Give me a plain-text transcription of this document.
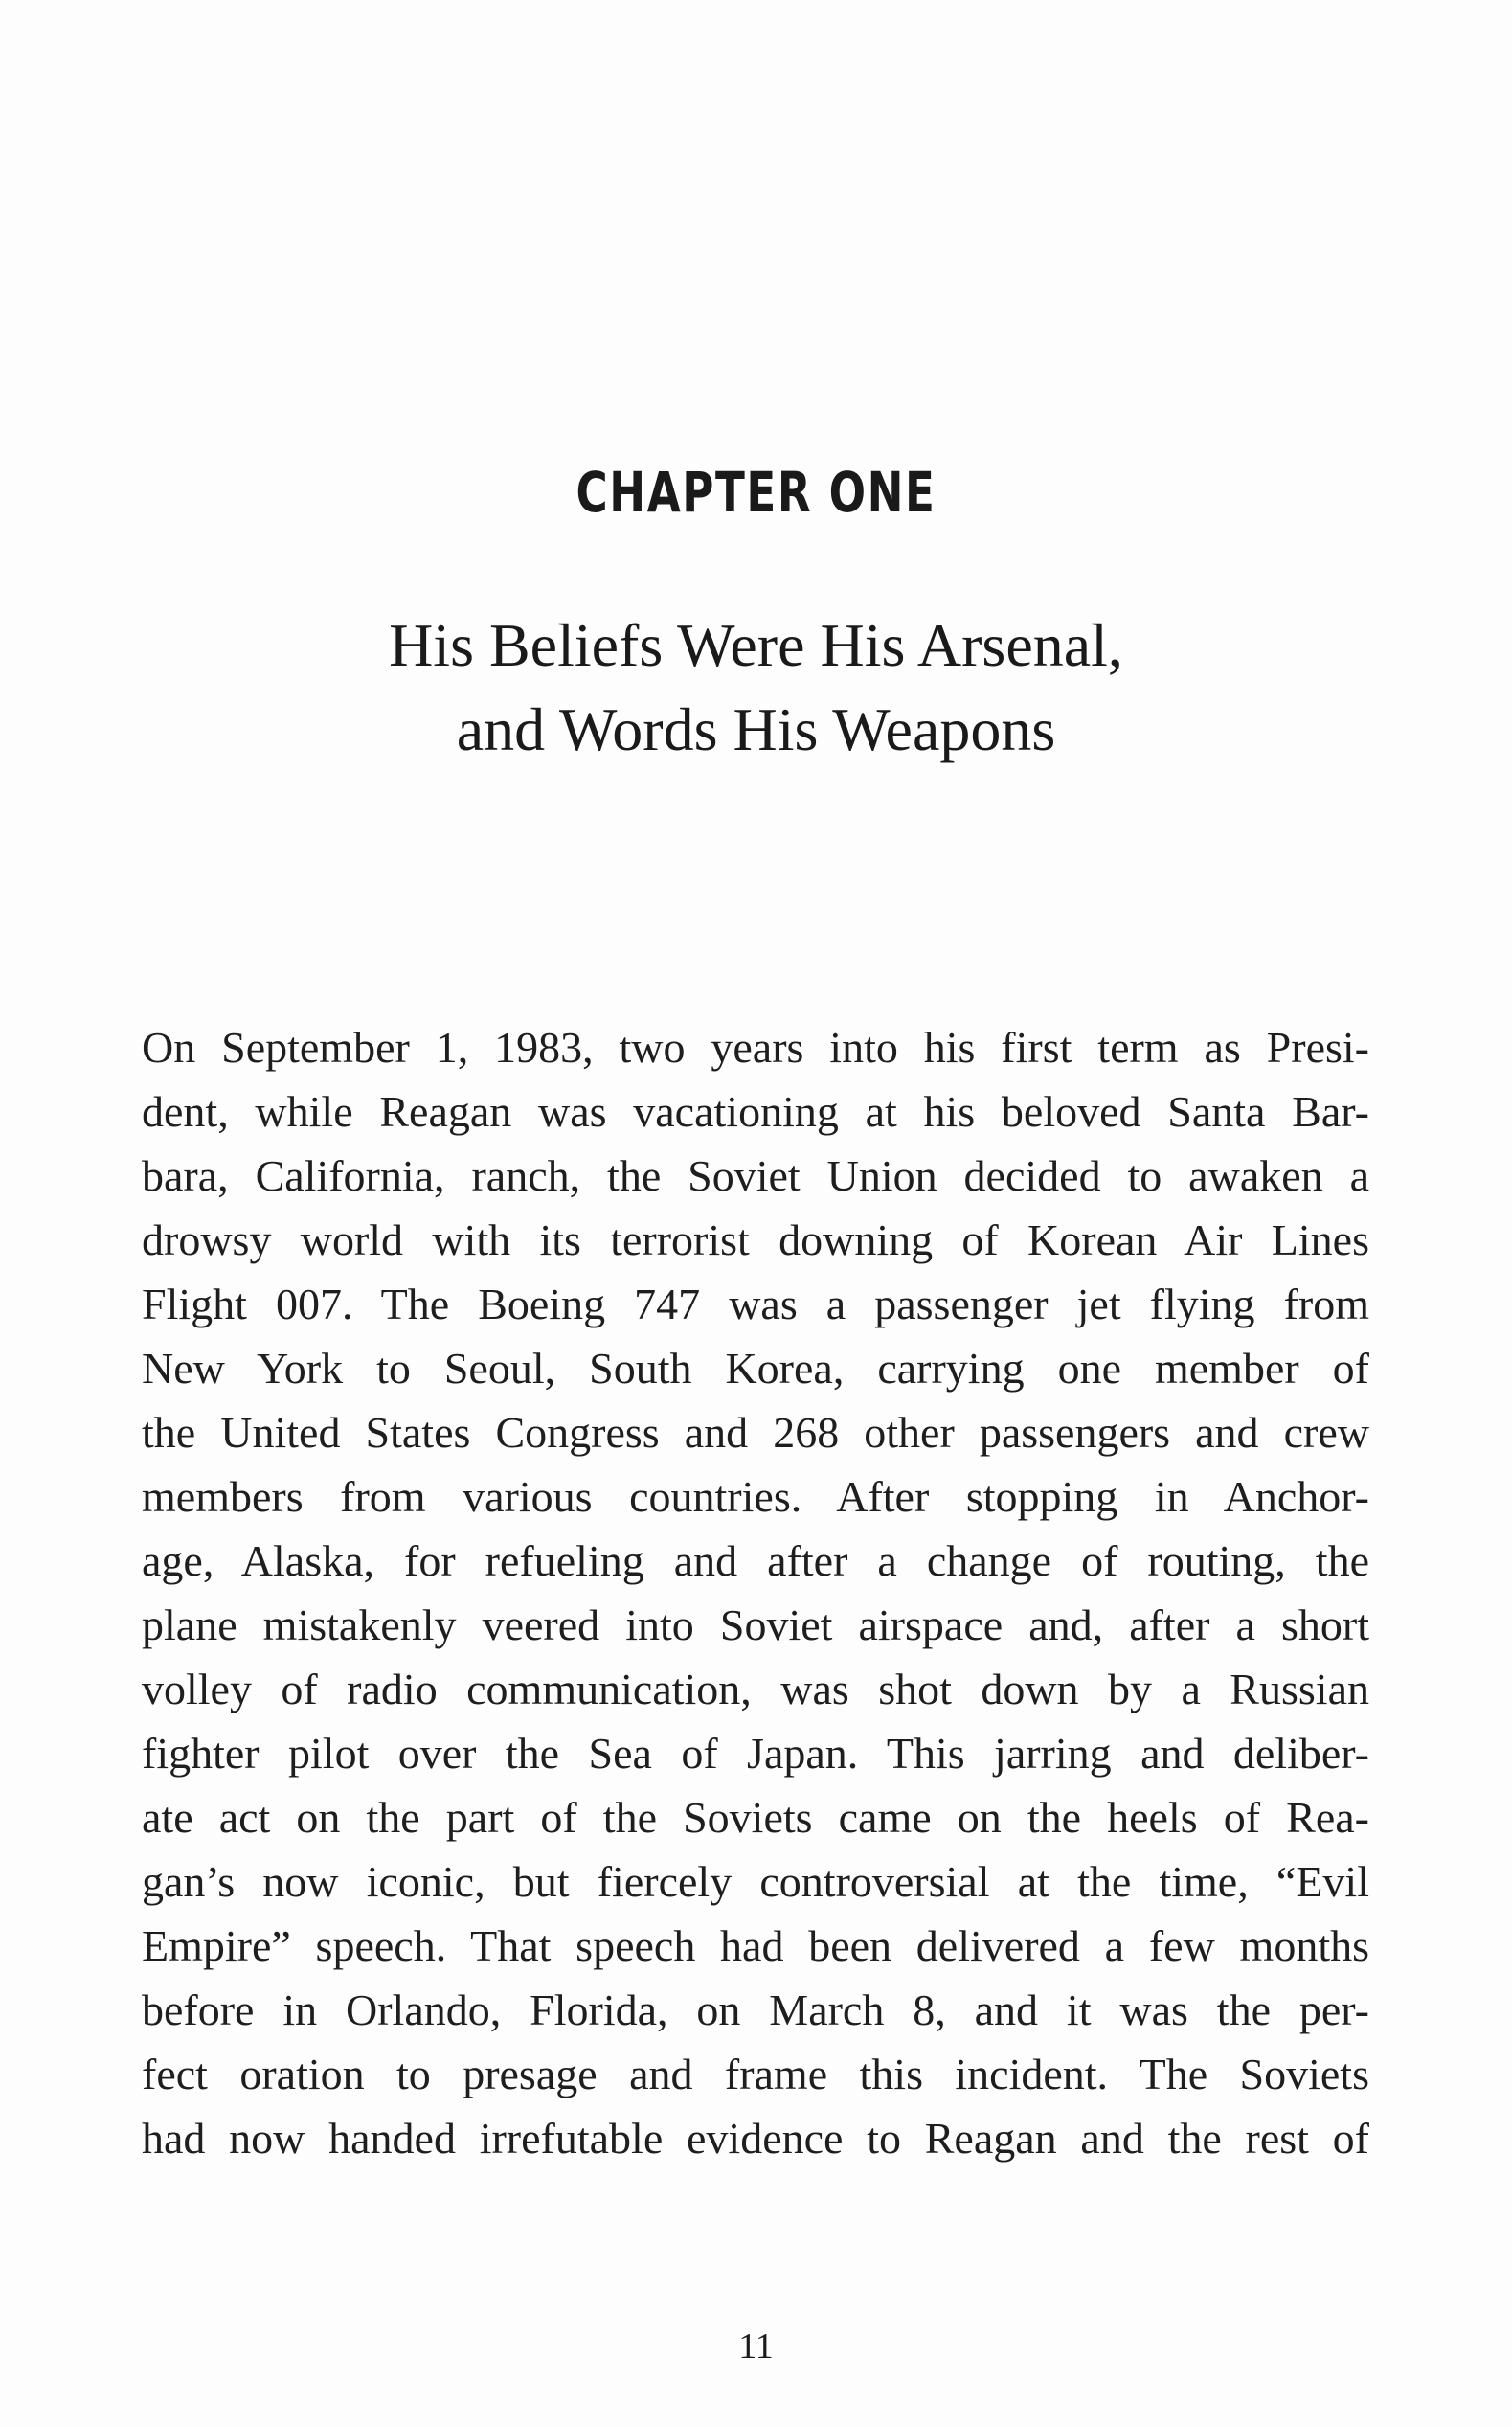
CHAPTER ONE
His Beliefs Were His Arsenal,
and Words His Weapons
On September 1, 1983, two years into his first term as Presi-
dent, while Reagan was vacationing at his beloved Santa Bar-
bara, California, ranch, the Soviet Union decided to awaken a
drowsy world with its terrorist downing of Korean Air Lines
Flight 007. The Boeing 747 was a passenger jet flying from
New York to Seoul, South Korea, carrying one member of
the United States Congress and 268 other passengers and crew
members from various countries. After stopping in Anchor-
age, Alaska, for refueling and after a change of routing, the
plane mistakenly veered into Soviet airspace and, after a short
volley of radio communication, was shot down by a Russian
fighter pilot over the Sea of Japan. This jarring and deliber-
ate act on the part of the Soviets came on the heels of Rea-
gan’s now iconic, but fiercely controversial at the time, “Evil
Empire” speech. That speech had been delivered a few months
before in Orlando, Florida, on March 8, and it was the per-
fect oration to presage and frame this incident. The Soviets
had now handed irrefutable evidence to Reagan and the rest of
11
